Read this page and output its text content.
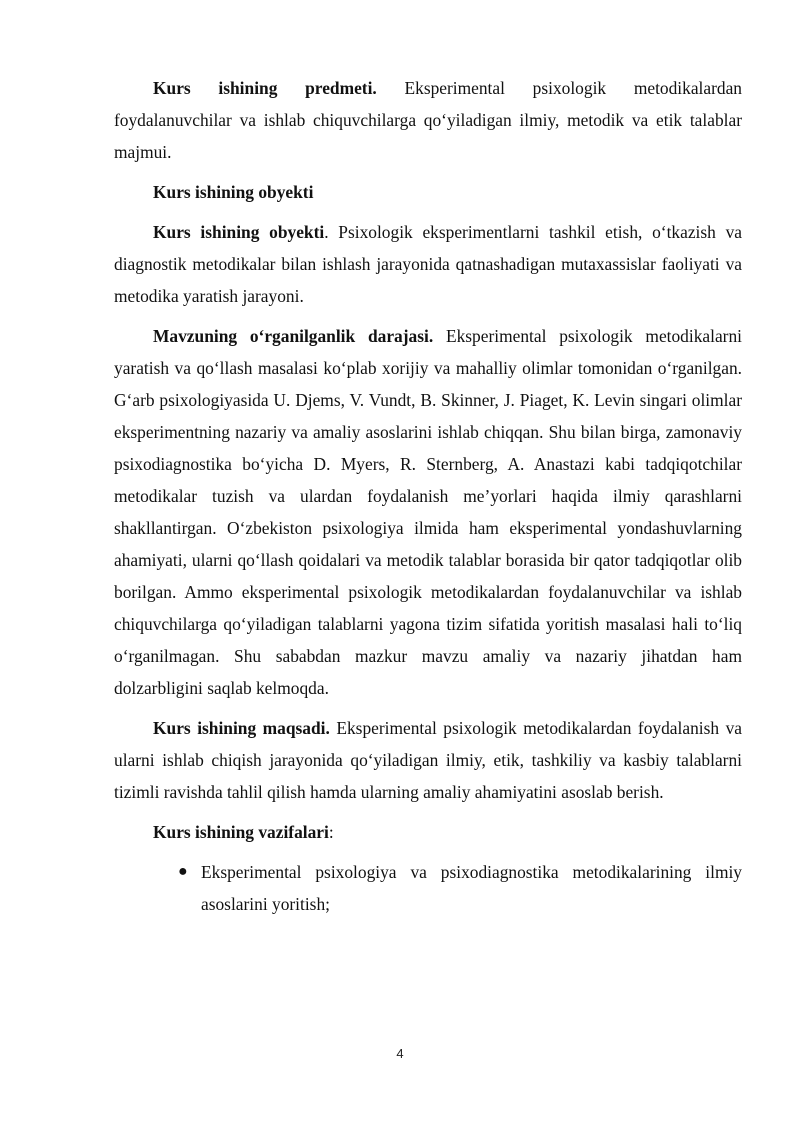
Kurs ishining predmeti. Eksperimental psixologik metodikalardan foydalanuvchilar va ishlab chiquvchilarga qo‘yiladigan ilmiy, metodik va etik talablar majmui.

Kurs ishining obyekti

Kurs ishining obyekti. Psixologik eksperimentlarni tashkil etish, o‘tkazish va diagnostik metodikalar bilan ishlash jarayonida qatnashadigan mutaxassislar faoliyati va metodika yaratish jarayoni.

Mavzuning o‘rganilganlik darajasi. Eksperimental psixologik metodikalarni yaratish va qo‘llash masalasi ko‘plab xorijiy va mahalliy olimlar tomonidan o‘rganilgan. G‘arb psixologiyasida U. Djems, V. Vundt, B. Skinner, J. Piaget, K. Levin singari olimlar eksperimentning nazariy va amaliy asoslarini ishlab chiqqan. Shu bilan birga, zamonaviy psixodiagnostika bo‘yicha D. Myers, R. Sternberg, A. Anastazi kabi tadqiqotchilar metodikalar tuzish va ulardan foydalanish me’yorlari haqida ilmiy qarashlarni shakllantirgan. O‘zbekiston psixologiya ilmida ham eksperimental yondashuvlarning ahamiyati, ularni qo‘llash qoidalari va metodik talablar borasida bir qator tadqiqotlar olib borilgan. Ammo eksperimental psixologik metodikalardan foydalanuvchilar va ishlab chiquvchilarga qo‘yiladigan talablarni yagona tizim sifatida yoritish masalasi hali to‘liq o‘rganilmagan. Shu sababdan mazkur mavzu amaliy va nazariy jihatdan ham dolzarbligini saqlab kelmoqda.

Kurs ishining maqsadi. Eksperimental psixologik metodikalardan foydalanish va ularni ishlab chiqish jarayonida qo‘yiladigan ilmiy, etik, tashkiliy va kasbiy talablarni tizimli ravishda tahlil qilish hamda ularning amaliy ahamiyatini asoslab berish.

Kurs ishining vazifalari:

● Eksperimental psixologiya va psixodiagnostika metodikalarining ilmiy asoslarini yoritish;
4
